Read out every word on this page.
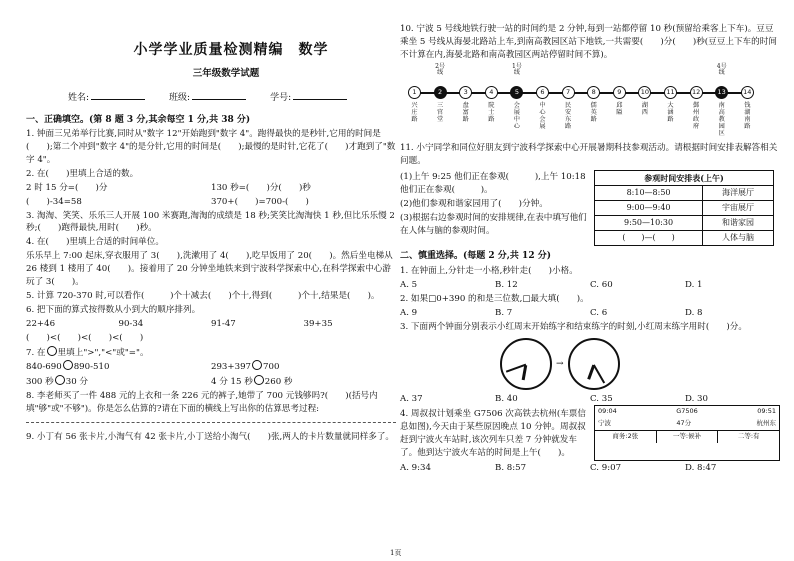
小学学业质量检测精编　数学
三年级数学试题
姓名:	班级:	学号:
一、正确填空。(第 8 题 3 分,其余每空 1 分,共 38 分)
1. 钟面三兄弟举行比赛,同时从"数字 12"开始跑到"数字 4"。跑得最快的是秒针,它用的时间是(　　);第二个冲到"数字 4"的是分针,它用的时间是(　　);最慢的是时针,它花了(　　)才跑到了"数字 4"。
2. 在(　　)里填上合适的数。
2 时 15 分=(　　)分	130 秒=(　　)分(　　)秒
(　　)-34=58	370+(　　)=700-(　　)
3. 淘淘、笑笑、乐乐三人开展 100 米赛跑,淘淘的成绩是 18 秒;笑笑比淘淘快 1 秒,但比乐乐慢 2 秒;(　　)跑得最快,用时(　　)秒。
4. 在(　　)里填上合适的时间单位。
乐乐早上 7:00 起床,穿衣服用了 3(　　),洗漱用了 4(　　),吃早饭用了 20(　　)。然后坐电梯从 26 楼到 1 楼用了 40(　　)。接着用了 20 分钟坐地铁来到宁波科学探索中心,在科学探索中心游玩了 3(　　)。
5. 计算 720-370 时,可以看作(　　　)个十减去(　　)个十,得到(　　　)个十,结果是(　　)。
6. 把下面的算式按得数从小到大的顺序排列。
22+46	90-34	91-47	39+35
(　　)<(　　)<(　　)<(　　)
7. 在 里填上">","<"或"="。
840-690 890-510	293+397 700
300 秒 30 分	4 分 15 秒 260 秒
8. 李老师买了一件 488 元的上衣和一条 226 元的裤子,她带了 700 元钱够吗?(　　)(括号内填"够"或"不够")。你是怎么估算的?请在下面的横线上写出你的估算思考过程:
9. 小丁有 56 张卡片,小淘气有 42 张卡片,小丁送给小淘气(　　)张,两人的卡片数量就同样多了。
10. 宁波 5 号线地铁行驶一站的时间约是 2 分钟,每到一站都停留 10 秒(预留给乘客上下车)。豆豆乘坐 5 号线从海晏北路站上车,到南高教园区站下地铁,一共需要(　　)分(　　)秒(豆豆上下车的时间不计算在内,海晏北路和南高教园区两站停留时间不算)。
1
兴庄路
2
三官堂
2号线
3
盘富路
4
院士路
5
会展中心
1号线
6
中心会展
7
民安东路
8
儒英路
9
邱隘
10
湖西
11
大涵路
12
鄞州政府
13
南高教园区
4号线
14
钱湖南路
11. 小宁同学和同位好朋友到宁波科学探索中心开展暑期科技参观活动。请根据时间安排表解答相关问题。
(1)上午 9:25 他们正在参观(　　　),上午 10:18 他们正在参观(　　　)。
(2)他们参观和谐家园用了(　　)分钟。
(3)根据右边参观时间的安排规律,在表中填写他们在人体与脑的参观时间。
参观时间安排表(上午)	
8:10—8:50	海洋展厅
9:00—9:40	宇宙展厅
9:50—10:30	和谐家园
(　　)—(　　)	人体与脑
二、慎重选择。(每题 2 分,共 12 分)
1. 在钟面上,分针走一小格,秒针走(　　)小格。
A. 5	B. 12	C. 60	D. 1
2. 如果□0+390 的和是三位数,□最大填(　　)。
A. 9	B. 7	C. 6	D. 8
3. 下面两个钟面分别表示小红周末开始练字和结束练字的时刻,小红周末练字用时(　　)分。
→
A. 37	B. 40	C. 35	D. 30
4. 周叔叔计划乘坐 G7506 次高铁去杭州(车票信息如图),今天由于某些原因晚点 10 分钟。周叔叔赶到宁波火车站时,该次列车只差 7 分钟就发车了。他到达宁波火车站的时间是上午(　　)。
09:04	G7506	09:51
宁波	47分	杭州东
商务:2张	一等:候补	二等:有
A. 9:34	B. 8:57	C. 9:07	D. 8:47
1页
